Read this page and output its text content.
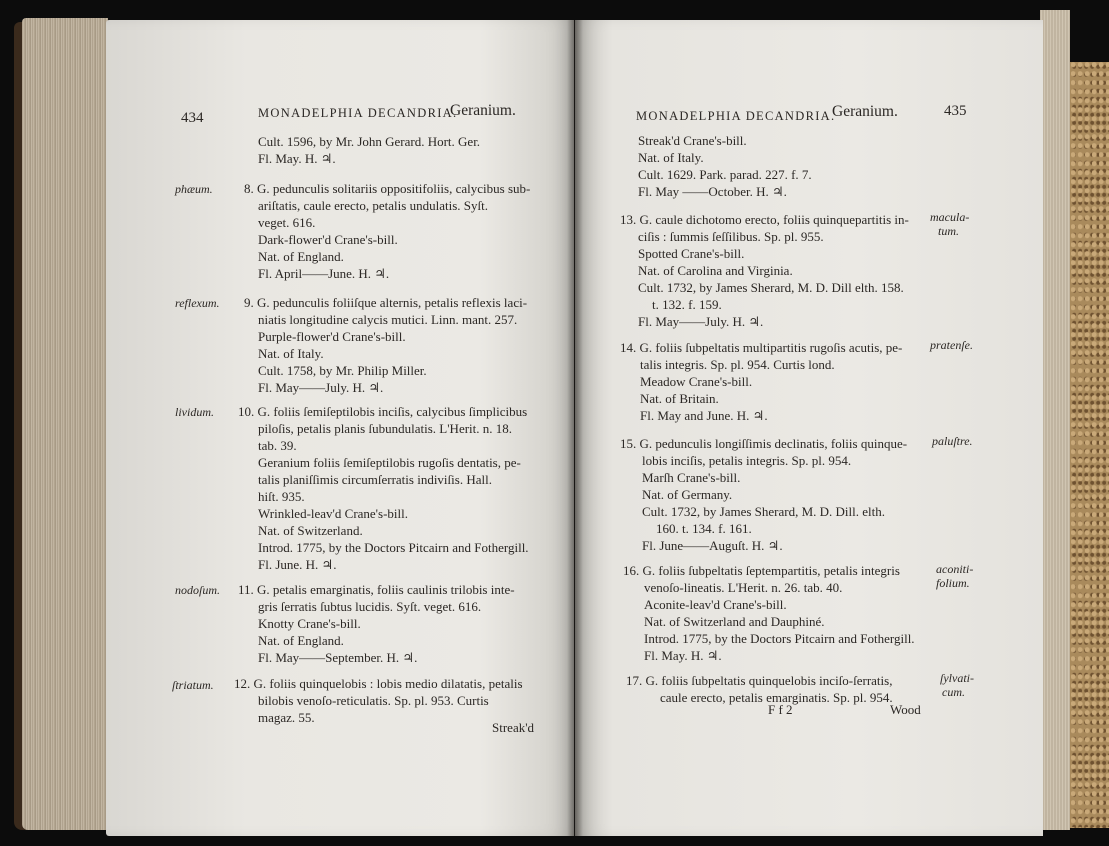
434	MONADELPHIA DECANDRIA.
Geranium.
Cult. 1596, by Mr. John Gerard. Hort. Ger.
Fl. May. H. ♃.
phæum. 8. G. pedunculis solitariis oppositifoliis, calycibus sub-
ariſtatis, caule erecto, petalis undulatis. Syſt.
veget. 616.
Dark-flower'd Crane's-bill.
Nat. of England.
Fl. April——June. H. ♃.
reflexum. 9. G. pedunculis foliiſque alternis, petalis reflexis laci-
niatis longitudine calycis mutici. Linn. mant. 257.
Purple-flower'd Crane's-bill.
Nat. of Italy.
Cult. 1758, by Mr. Philip Miller.
Fl. May——July. H. ♃.
lividum. 10. G. foliis ſemiſeptilobis inciſis, calycibus ſimplicibus
piloſis, petalis planis ſubundulatis. L'Herit. n. 18.
tab. 39.
Geranium foliis ſemiſeptilobis rugoſis dentatis, pe-
talis planiſſimis circumſerratis indiviſis. Hall.
hiſt. 935.
Wrinkled-leav'd Crane's-bill.
Nat. of Switzerland.
Introd. 1775, by the Doctors Pitcairn and Fothergill.
Fl. June. H. ♃.
nodoſum. 11. G. petalis emarginatis, foliis caulinis trilobis inte-
gris ſerratis ſubtus lucidis. Syſt. veget. 616.
Knotty Crane's-bill.
Nat. of England.
Fl. May——September. H. ♃.
ſtriatum. 12. G. foliis quinquelobis : lobis medio dilatatis, petalis
bilobis venoſo-reticulatis. Sp. pl. 953. Curtis
magaz. 55.
Streak'd
MONADELPHIA DECANDRIA.
Geranium.	435
Streak'd Crane's-bill.
Nat. of Italy.
Cult. 1629. Park. parad. 227. f. 7.
Fl. May ——October. H. ♃.
13. G. caule dichotomo erecto, foliis quinquepartitis in- macula-
tum.
ciſis : ſummis ſeſſilibus. Sp. pl. 955.
Spotted Crane's-bill.
Nat. of Carolina and Virginia.
Cult. 1732, by James Sherard, M. D. Dill elth. 158.
t. 132. f. 159.
Fl. May——July. H. ♃.
14. G. foliis ſubpeltatis multipartitis rugoſis acutis, pe- pratenſe.
talis integris. Sp. pl. 954. Curtis lond.
Meadow Crane's-bill.
Nat. of Britain.
Fl. May and June. H. ♃.
15. G. pedunculis longiſſimis declinatis, foliis quinque- paluſtre.
lobis inciſis, petalis integris. Sp. pl. 954.
Marſh Crane's-bill.
Nat. of Germany.
Cult. 1732, by James Sherard, M. D. Dill. elth.
160. t. 134. f. 161.
Fl. June——Auguſt. H. ♃.
16. G. foliis ſubpeltatis ſeptempartitis, petalis integris	aconiti-
folium.
venoſo-lineatis. L'Herit. n. 26. tab. 40.
Aconite-leav'd Crane's-bill.
Nat. of Switzerland and Dauphiné.
Introd. 1775, by the Doctors Pitcairn and Fothergill.
Fl. May. H. ♃.
17. G. foliis ſubpeltatis quinquelobis inciſo-ſerratis,	ſylvati-
cum.
caule erecto, petalis emarginatis. Sp. pl. 954.
F f 2	Wood
